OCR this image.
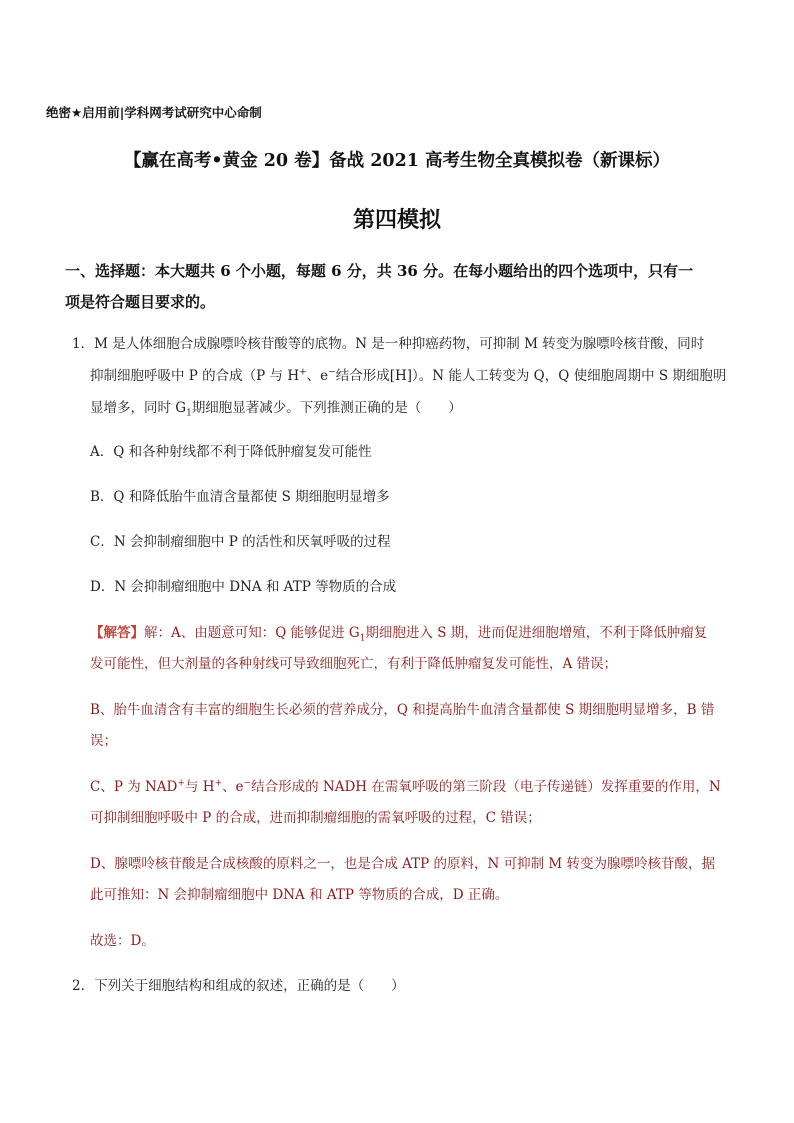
绝密★启用前|学科网考试研究中心命制
【赢在高考•黄金 20 卷】备战 2021 高考生物全真模拟卷（新课标）
第四模拟
一、选择题：本大题共 6 个小题，每题 6 分，共 36 分。在每小题给出的四个选项中，只有一
项是符合题目要求的。
1．M 是人体细胞合成腺嘌呤核苷酸等的底物。N 是一种抑癌药物，可抑制 M 转变为腺嘌呤核苷酸，同时
抑制细胞呼吸中 P 的合成（P 与 H+、e−结合形成[H]）。N 能人工转变为 Q，Q 使细胞周期中 S 期细胞明
显增多，同时 $G_1$期细胞显著减少。下列推测正确的是（　　）
A．Q 和各种射线都不利于降低肿瘤复发可能性
B．Q 和降低胎牛血清含量都使 S 期细胞明显增多
C．N 会抑制瘤细胞中 P 的活性和厌氧呼吸的过程
D．N 会抑制瘤细胞中 DNA 和 ATP 等物质的合成
【解答】解：A、由题意可知：Q 能够促进 $G_1$期细胞进入 S 期，进而促进细胞增殖，不利于降低肿瘤复
发可能性，但大剂量的各种射线可导致细胞死亡，有利于降低肿瘤复发可能性，A 错误；
B、胎牛血清含有丰富的细胞生长必须的营养成分，Q 和提高胎牛血清含量都使 S 期细胞明显增多，B 错
误；
C、P 为 NAD+与 H+、e−结合形成的 NADH 在需氧呼吸的第三阶段（电子传递链）发挥重要的作用，N
可抑制细胞呼吸中 P 的合成，进而抑制瘤细胞的需氧呼吸的过程，C 错误；
D、腺嘌呤核苷酸是合成核酸的原料之一，也是合成 ATP 的原料，N 可抑制 M 转变为腺嘌呤核苷酸，据
此可推知：N 会抑制瘤细胞中 DNA 和 ATP 等物质的合成，D 正确。
故选：D。
2．下列关于细胞结构和组成的叙述，正确的是（　　）
